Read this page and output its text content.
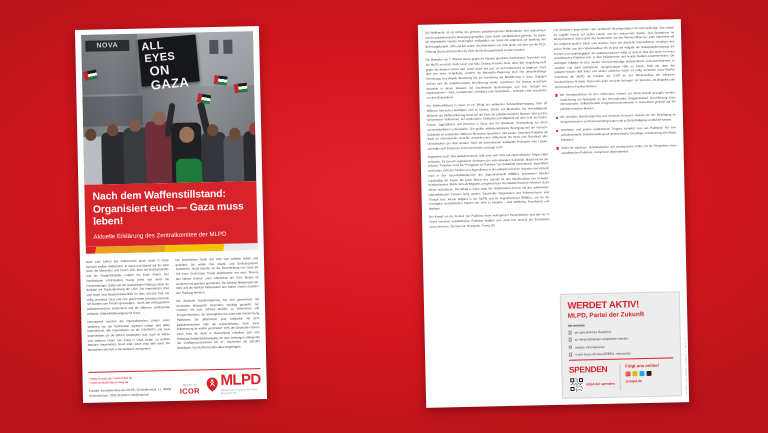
NOVA	ALL
EYES
ON
GAZA
Nach dem Waffenstillstand:
Organisiert euch — Gaza muss leben!
Aktuelle Erklärung des Zentralkomitee der MLPD
Nach zwei Jahren des Völkermords durch Israel in Gaza herrscht endlich Waffenruhe. In Gaza und überall auf der Welt fielen die Menschen und freuen sich, dass die Bombennächte und die Hungerblockade endlich ein Ende finden. Der faschistische US-Präsident Trump preist sich dreist als Friedensbringer. Dabei war der faschistische Feldzug Israels nur denkbar mit Rückendeckung der USA. Die Imperialisten USA und Israel sind hauptverantwortlich für über 100.000 Tote, ein völlig zerstörtes Gaza und eine gravierende Umweltzerstörung. Sie wurden zum Frieden gezwungen - durch den unbeugsamen palästinensischen Widerstand und die Millionen umfassende weltweite Solidaritätsbewegung mit Gaza.
International bereiten die imperialistischen Länder einen Weltkrieg vor, die faschistisch regierten Länder sind dabei federführend. Alle Imperialisten um die USA/NATO und neue Imperialisten um die BRICS bekämpfen sich, auch im Nahen und mittleren Osten. Der Krieg in Gaza zeigte, zu welcher Barbarei Imperialisten bereit sind. Gaza zeigt aber auch: Die Menschheit will nicht in der Barbarei untergehen!
Die Imperialisten Israel und USA sind weltweit isoliert und geächtet. Sie wollen ihre Macht- und Einflusssphären ausdehnen. Israel träumte vor der Einverleibung von Gaza als Teil eines Groß-Israel. Trump phantasierte von einer "Riviera des Nahen Ostens" unter Oberhoheit der USA. Beides ist zunächst mal grandios gescheitert. Die stärkste Militärmacht der Welt und die stärkste Militärmacht des Nahen Ostens mussten den Rückzug antreten.
Die deutsche Bundesregierung hat sich gemeinsam mit deutschen Monopolen besonders schuldig gemacht: Sie leisteten bis zum Schluss Beihilfe zu Völkermord und Kriegsverbrechen. Sie verweigerten bis zuletzt die Anerkennung Palästinas. Sie diffamierten jede Solidarität mit dem palästinensischen Volk als Antisemitismus. Auch diese Diffamierung ist weithin gescheitert: 80% der Deutschen lehnen ihren Kurs ab. Auch in Deutschland entfaltete sich eine Palästina-Solidaritätsbewegung mit dem bisherigen Höhepunkt der Großdemonstrationen am 27. September mit 160.000 Beteiligten. Die MLPD hat aktiv dazu beigetragen.
• www.rf-news.de • www.mlpd.de
• www.revolutionaerer-weg.de
Kontakt: Zentralkomitee der MLPD, Schmalhorststr. 1c, 45899 Gelsenkirchen, 0209 9119194, info@mlpd.de
Member of
ICOR
MLPD
Marxistisch-Leninistische Partei Deutschlands
Die Waffenruhe ist ein Erfolg des geeinten palästinensischen Widerstands. Seit Jahrzehnten war die palästinensische Bewegung gespalten. Dazu wurde viel Wühlarbeit geleistet. So wurde die islamistische Hamas ursprünglich maßgeblich von Israel mit aufgebaut zur Spaltung des Befreiungskampfs. USA und EU setzen das Abkommen von Oslo durch, mit dem von der PLO-Führung (Autonomiebehörde) die Ziele des Befreiungskampfs verraten wurden.
Die Massaker am 7. Oktober waren gegen die Massen gerichtete faschistische Terrorakte, was die MLPD verurteilt. Auch Lenin und Mao Zedong betonten stets, dass sich Vergeltung nicht gegen die Massen richten darf. Israel nutzte das aus, um den Völkermord zu beginnen. Doch dies war keine Vergeltung, sondern die Netanjahu-Regierung trieb ihre jahrzehntelange Vertreibung und illegale Besatzung bis zur Ausrottung der Bevölkerung in Gaza. Dagegen schloss sich die palästinensische Bevölkerung wieder zusammen. Die Hamas verzichtete daraufhin in dieser Situation auf faschistische Bestrebungen und eine Vielzahl von Organisationen - linke, revolutionäre, christliche und muslimische - schlossen sich zusammen zu einer Einheitsfront.
Der Waffenstillstand in Gaza ist ein Erfolg der weltweiten Solidaritätsbewegung. Über 20 Millionen Menschen beteiligten sich an Demos, Streiks und Blockaden. Die überwältigende Mehrheit der Weltbevölkerung stand auf der Seite der palästinensischen Massen: Wut auf den barbarischen Völkermord, tief empfundene Solidarität und Mitgefühl mit dem Leid der Kinder, Frauen, Jugendlichen und Arbeitern in Gaza und der Westbank, Hochachtung vor ihrem unerschütterlichen Lebenswillen. Die größte antiimperialistische Bewegung seit der Vietnam-Solidarität ist entstanden. Millionen Menschen spendeten, 160 Länder erkannten Palästina als Staat an, internationale Gerichte verurteilen den Völkermord. Es muss zum Grundsatz aller Unterdrückten der Welt werden: Hoch die internationale Solidarität! Proletarier aller Länder, vereinigt euch! Proletarier und Unterdrückte, vereinigt euch!
Organisiert euch! Das palästinensische Volk kann sich nicht auf imperialistische Regierungen verlassen. Es braucht organisierte Strukturen der internationalen Solidarität. Macht mit bei der Initiative "Palestine must live"!/"Organize for Palestine" bei Solidarität International. Jugendliche und Kinder, helft den Kindern und Jugendlichen in den palästinensischen Gebieten und schließt euch in den Gaza-Solidarität-AGs des Jugendverbands REBELL zusammen! Arbeitet regelmäßig mit, leisten Sie jeden Monat eine Spende für den Wiederaufbau des Al-Awda-Krankenhauses. Melde dich als Brigadist, um gemeinsam mit palästinensischen Arbeitern Gaza wieder aufzubauen. Der Erfolg in Gaza zeigt: Die Volksmassen können mit den schlimmsten imperialistischen Feinden fertig werden. Dauerhafte Organisation und Selbstvertrauen sind Trumpf! Und: Werde Mitglied in der MLPD und im Jugendverband REBELL, um für die vereinigten sozialistischen Staaten der Welt zu kämpfen - statt Weltkrieg, Faschismus und Barbarei.
Der Kampf um die Freiheit von Palästina muss weitergehen! Perspektivisch wird das nur in einem vereinten sozialistischen Palästina möglich sein. Auch hier braucht der Sozialismus neues Ansehen. Die Gier von Netanjahu, Trump, EU
und deutschen Imperialisten oder arabischer Neoimperialisten ist nicht befriedigt. Das zeigen die Angriffe Israels auf sieben Länder und der andauernde Siedler- und Staatsterror im Westjordanland. Schon geht das Geschacher um den Wiederaufbau los; jeder Imperialist will ein möglichst großes Stück vom Kuchen. Auch der deutsche Imperialismus verspricht sich schon Profite aus dem Wiederaufbau. Es ist jetzt die Aufgabe der Solidaritätsbewegung, die Freiheit und Unabhängigkeit des palästinensischen Volks zu sichern. Das Ziel muss ein freies sozialistisches Palästina sein, in dem Palästinenser und Israelis friedlich zusammenleben. Die wichtigste Aufgabe ist jetzt, wieder menschenwürdige demokratische Lebensverhältnisse zu schaffen und dafür solidarische, uneigennützige Hilfe zu leisten. Helft mit, dass das palästinensische Volk leben und wieder aufstehen kann! Im völlig zerstörten Gaza-Streifen unterstützt die MLPD die Initiative der ICOR für den Wiederaufbau der säkularen Krankenhäuser Al Awda. Dazu kann jeder und jede beitragen: mit Spenden, als Brigadist oder mit besonderen Fachkenntnissen.
Die Verantwortlichen für den Völkermord müssen zur Rechenschaft gezogen werden. Auslieferung von Netanjahu an den Internationalen Strafgerichtshof. Durchführung eines internationalen Völkertribunals/ Kriegsverbrechertribunals in Gaza-Stadt gestützt auf die palästinensischen Massen.
Die deutsche Bundesregierung und deutsche Konzerne müssen für ihre Beteiligung an Kriegsverbrechen zur Rechenschaft gezogen und zu Entschädigung verpflichtet werden.
Israelische und andere ausländische Truppen komplett raus aus Palästina! Für eine palästinensische Selbstverwaltung auf demokratischer Grundlage, Anerkennung des Staats Palästina!
Stärkt die säkularen, demokratischen und revolutionären Kräfte, für die Perspektive eines sozialistischen Palästina - Kampf dem Imperialismus!
WERDET AKTIV!
MLPD, Partei der Zukunft
Ich möchte:
ein persönliches Gespräch
zu Veranstaltungen eingeladen werden
weitere Informationen
in der Gaza-AG des REBELL mitmachen
SPENDEN
mlpd.de/ spenden
Folgt uns online!
@mlpd.de	V.i.S.d.P.: G. Schimmel • Auflage 8/25 • mlpd.de
